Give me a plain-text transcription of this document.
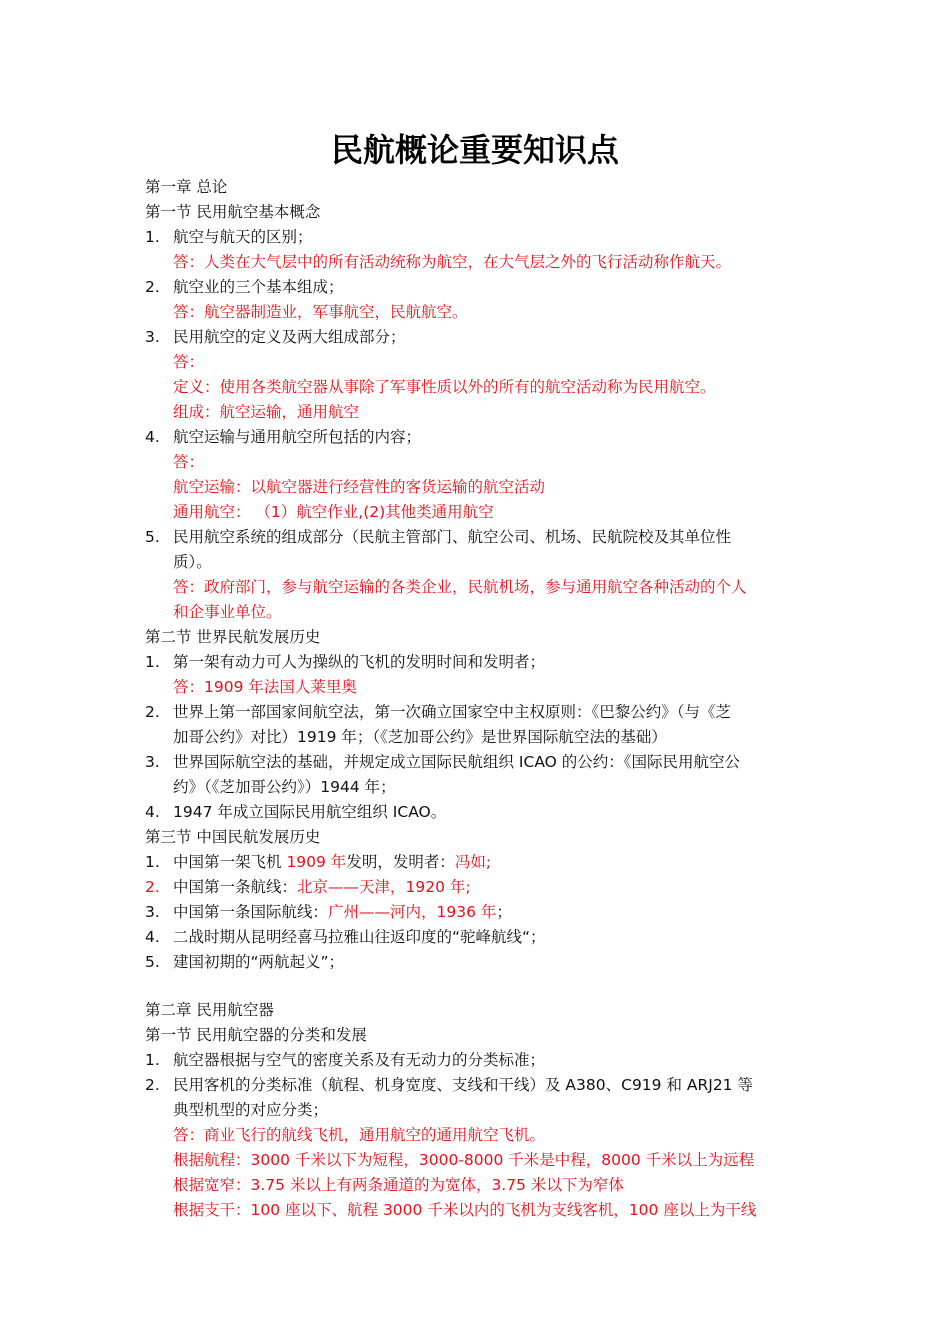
民航概论重要知识点
第一章 总论
第一节 民用航空基本概念
1. 航空与航天的区别；
答：人类在大气层中的所有活动统称为航空，在大气层之外的飞行活动称作航天。
2. 航空业的三个基本组成；
答：航空器制造业，军事航空，民航航空。
3. 民用航空的定义及两大组成部分；
答：
定义：使用各类航空器从事除了军事性质以外的所有的航空活动称为民用航空。
组成：航空运输，通用航空
4. 航空运输与通用航空所包括的内容；
答：
航空运输：以航空器进行经营性的客货运输的航空活动
通用航空： （1）航空作业,(2)其他类通用航空
5. 民用航空系统的组成部分（民航主管部门、航空公司、机场、民航院校及其单位性
质）。
答：政府部门，参与航空运输的各类企业，民航机场，参与通用航空各种活动的个人
和企事业单位。
第二节 世界民航发展历史
1. 第一架有动力可人为操纵的飞机的发明时间和发明者；
答：1909 年法国人莱里奥
2. 世界上第一部国家间航空法，第一次确立国家空中主权原则：《巴黎公约》（与《芝
加哥公约》对比）1919 年；（《芝加哥公约》是世界国际航空法的基础）
3. 世界国际航空法的基础，并规定成立国际民航组织 ICAO 的公约：《国际民用航空公
约》（《芝加哥公约》）1944 年；
4. 1947 年成立国际民用航空组织 ICAO。
第三节 中国民航发展历史
1. 中国第一架飞机 1909 年发明，发明者：冯如;
2. 中国第一条航线：北京——天津，1920 年;
3. 中国第一条国际航线：广州——河内，1936 年；
4. 二战时期从昆明经喜马拉雅山往返印度的“驼峰航线“；
5. 建国初期的“两航起义”；
第二章 民用航空器
第一节 民用航空器的分类和发展
1. 航空器根据与空气的密度关系及有无动力的分类标准；
2. 民用客机的分类标准（航程、机身宽度、支线和干线）及 A380、C919 和 ARJ21 等
典型机型的对应分类；
答：商业飞行的航线飞机，通用航空的通用航空飞机。
根据航程：3000 千米以下为短程，3000-8000 千米是中程，8000 千米以上为远程
根据宽窄：3.75 米以上有两条通道的为宽体，3.75 米以下为窄体
根据支干：100 座以下、航程 3000 千米以内的飞机为支线客机，100 座以上为干线
